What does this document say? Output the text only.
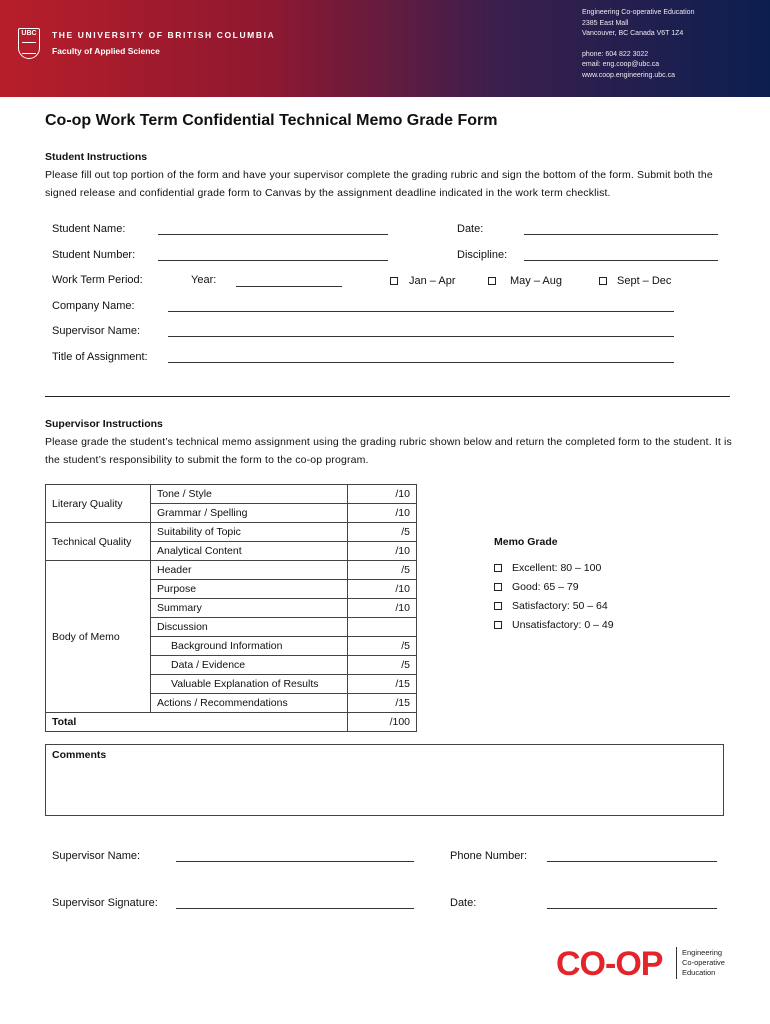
UBC	THE UNIVERSITY OF BRITISH COLUMBIA
Faculty of Applied Science
Engineering Co-operative Education
2385 East Mall
Vancouver, BC Canada V6T 1Z4
phone: 604 822 3022
email: eng.coop@ubc.ca
www.coop.engineering.ubc.ca
Co-op Work Term Confidential Technical Memo Grade Form
Student Instructions
Please fill out top portion of the form and have your supervisor complete the grading rubric and sign the bottom of the form. Submit both the signed release and confidential grade form to Canvas by the assignment deadline indicated in the work term checklist.
Student Name:	Date:
Student Number:	Discipline:
Work Term Period:	Year:	Jan – Apr	May – Aug	Sept – Dec
Company Name:
Supervisor Name:
Title of Assignment:
Supervisor Instructions
Please grade the student’s technical memo assignment using the grading rubric shown below and return the completed form to the student. It is the student’s responsibility to submit the form to the co-op program.
Literary Quality	Tone / Style	/10
	Grammar / Spelling	/10
Technical Quality	Suitability of Topic	/5
	Analytical Content	/10
Body of Memo	Header	/5
	Purpose	/10
	Summary	/10
	Discussion	
	Background Information	/5
	Data / Evidence	/5
	Valuable Explanation of Results	/15
	Actions / Recommendations	/15
Total		/100
Memo Grade
Excellent: 80 – 100
Good: 65 – 79
Satisfactory: 50 – 64
Unsatisfactory: 0 – 49
Comments
Supervisor Name:	Phone Number:
Supervisor Signature:	Date:
CO-OP	Engineering
Co-operative
Education
